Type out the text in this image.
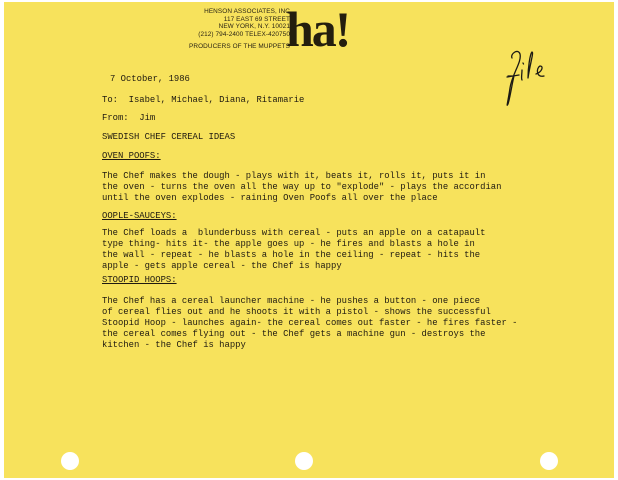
HENSON ASSOCIATES, INC
117 EAST 69 STREET
NEW YORK, N.Y. 10021
(212) 794-2400 TELEX-420750
PRODUCERS OF THE MUPPETS
ha!

7 October, 1986

To:  Isabel, Michael, Diana, Ritamarie

From:  Jim

SWEDISH CHEF CEREAL IDEAS

OVEN POOFS:

The Chef makes the dough - plays with it, beats it, rolls it, puts it in

the oven - turns the oven all the way up to "explode" - plays the accordian

until the oven explodes - raining Oven Poofs all over the place

OOPLE-SAUCEYS:

The Chef loads a  blunderbuss with cereal - puts an apple on a catapault

type thing- hits it- the apple goes up - he fires and blasts a hole in

the wall - repeat - he blasts a hole in the ceiling - repeat - hits the

apple - gets apple cereal - the Chef is happy

STOOPID HOOPS:

The Chef has a cereal launcher machine - he pushes a button - one piece

of cereal flies out and he shoots it with a pistol - shows the successful

Stoopid Hoop - launches again- the cereal comes out faster - he fires faster -

the cereal comes flying out - the Chef gets a machine gun - destroys the

kitchen - the Chef is happy
